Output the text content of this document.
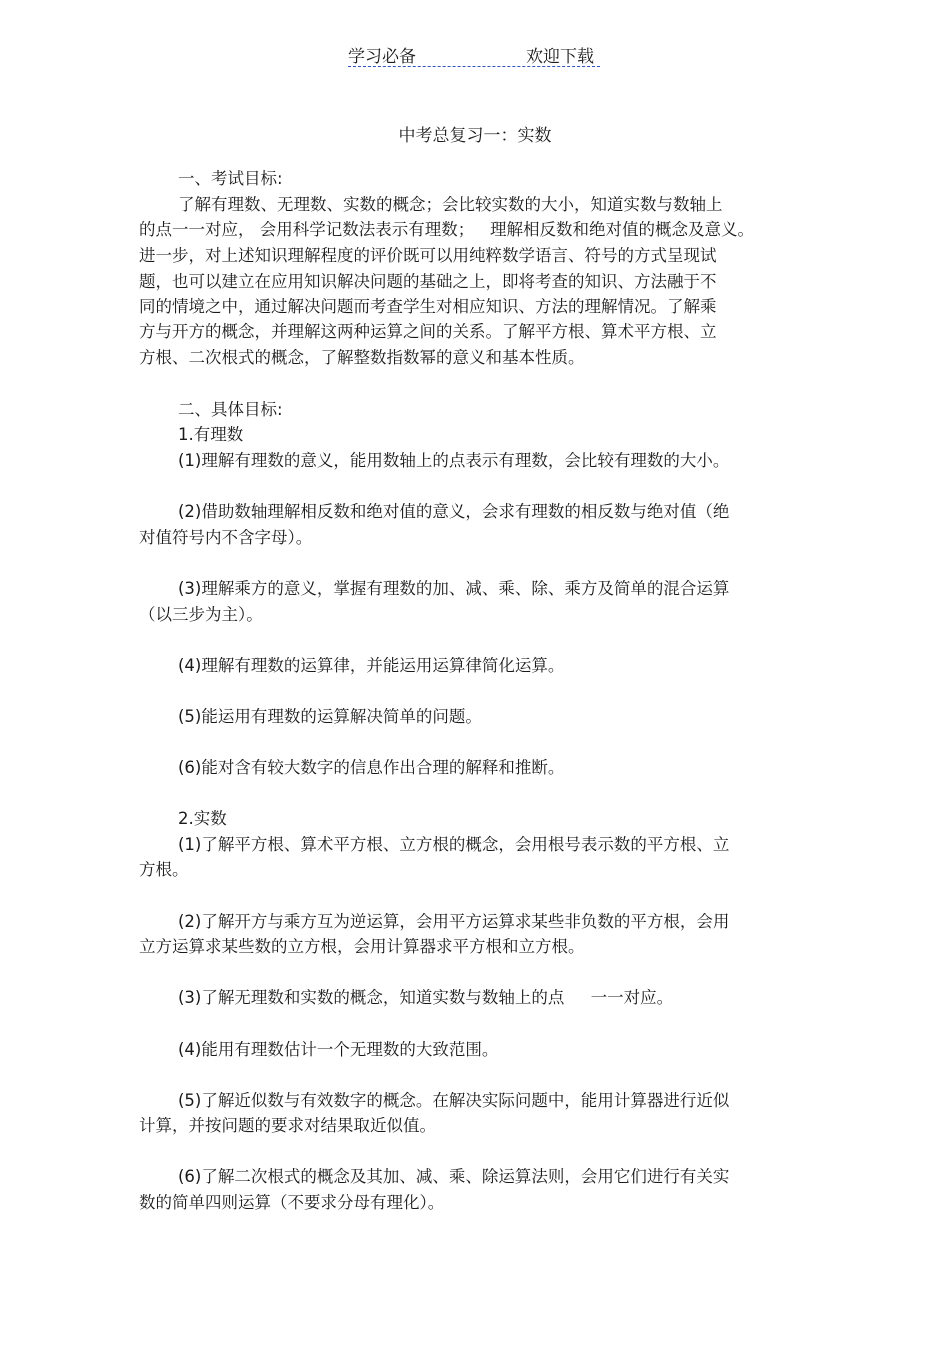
学习必备	欢迎下载
中考总复习一：实数
一、考试目标:
了解有理数、无理数、实数的概念；会比较实数的大小，知道实数与数轴上
的点一一对应， 会用科学记数法表示有理数；   理解相反数和绝对值的概念及意义。
进一步，对上述知识理解程度的评价既可以用纯粹数学语言、符号的方式呈现试
题，也可以建立在应用知识解决问题的基础之上，即将考查的知识、方法融于不
同的情境之中，通过解决问题而考查学生对相应知识、方法的理解情况。了解乘
方与开方的概念，并理解这两种运算之间的关系。了解平方根、算术平方根、立
方根、二次根式的概念，了解整数指数幂的意义和基本性质。
二、具体目标:
1.有理数
(1)理解有理数的意义，能用数轴上的点表示有理数，会比较有理数的大小。
(2)借助数轴理解相反数和绝对值的意义，会求有理数的相反数与绝对值（绝
对值符号内不含字母）。
(3)理解乘方的意义，掌握有理数的加、减、乘、除、乘方及简单的混合运算
（以三步为主）。
(4)理解有理数的运算律，并能运用运算律简化运算。
(5)能运用有理数的运算解决简单的问题。
(6)能对含有较大数字的信息作出合理的解释和推断。
2.实数
(1)了解平方根、算术平方根、立方根的概念，会用根号表示数的平方根、立
方根。
(2)了解开方与乘方互为逆运算，会用平方运算求某些非负数的平方根，会用
立方运算求某些数的立方根，会用计算器求平方根和立方根。
(3)了解无理数和实数的概念，知道实数与数轴上的点     一一对应。
(4)能用有理数估计一个无理数的大致范围。
(5)了解近似数与有效数字的概念。在解决实际问题中，能用计算器进行近似
计算，并按问题的要求对结果取近似值。
(6)了解二次根式的概念及其加、减、乘、除运算法则，会用它们进行有关实
数的简单四则运算（不要求分母有理化）。
